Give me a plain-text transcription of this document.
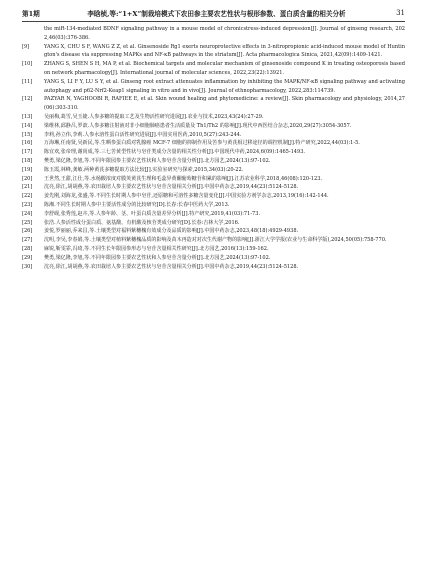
第1期	李晗桢,等:“1+X”制栽培模式下农田参主要农艺性状与根形参数、蛋白质含量的相关分析	31
the miR-134-mediated BDNF signaling pathway in a mouse model of chronicstress-induced depression[J]. Journal of ginseng research, 2022,46(03):376-386.
[9]	YANG X, CHU S F, WANG Z Z, et al. Ginsenoside Rg1 exerts neuroprotective effects in 3-nitropropionic acid-induced mouse model of Huntington's disease via suppressing MAPKs and NF-κB pathways in the striatum[J]. Acta pharmacologica Sinica, 2021,42(09):1409-1421.
[10]	ZHANG S, SHEN S H, MA P, et al. Biochemical targets and molecular mechanism of ginsenoside compound K in treating osteoporosis based on network pharmacology[J]. International journal of molecular sciences, 2022,23(22):13921.
[11]	YANG S, LI F Y, LU S Y, et al. Ginseng root extract attenuates inflammation by inhibiting the MAPK/NF-κB signaling pathway and activating autophagy and p62-Nrf2-Keap1 signaling in vitro and in vivo[J]. Journal of ethnopharmacology, 2022,283:114739.
[12]	PAZYAR N, YAGHOOBI R, RAFIEE E, et al. Skin wound healing and phytomedicine: a review[J]. Skin pharmacology and physiology, 2014,27(06):303-310.
[13]	吴丽梅,葛雪,吴玉婕.人参多糖的提取工艺及生物活性研究进展[J].农业与技术,2023,43(24):27-29.
[14]	梁维林,邱静吕,罗歆.人参多糖注射液对非小细胞肺癌患者生活质量及 Th1/Th2 的影响[J].现代中西医结合杂志,2020,29(27):3054-3057.
[15]	李莉,孙立伟,李莉.人参水溶性蛋白活性研究进展[J].中国实用医药,2010,5(27):243-244.
[16]	万海琳,任南贤,吴新民,等.生晒参蛋白质对乳腺癌 MCF-7 细胞的抑制作用及苦参与黄芪相过移途径的调控机制[J].特产研究,2022,44(03):1-5.
[17]	陈宜欢,张帝理,谢尚成,等.三七苦黄型性状与皂苷类成分含量的相关性分析[J].中国现代中药,2024,6(09):1465-1493.
[18]	樊勇,梁亿隆,李旭,等.不同年限园参主要农艺性状和人参皂苷含量分析[J].北方园艺,2024(13):97-102.
[19]	陈玉霞,林峰,龚敏.两种黄芪多糖提取方法比较[J].实验室研究与探索,2015,34(03):20-22.
[20]	王世然,王甜,江仕,等.水杨酸浓度对膜荚黄芪生理和毛蕊异黄酮葡萄糖苷积累的影响[J].江苏农业科学,2018,46(08):120-123.
[21]	沈亮,徐江,胡胡燕,等.农田栽培人参主要农艺性状与皂苷含量相关分析[J].中国中药杂志,2019,44(23):5124-5128.
[22]	姜先刚,刘海龙,张盛,等.不同生长时期人参中皂苷,还原糖和可溶性多糖含量变化[J].中国实验方剂学杂志,2013,19(16):142-144.
[23]	陈湘.不同生长时期人参中主要活性成分的比较研究[D].长春:长春中医药大学,2013.
[24]	李舒砚,张秀莲,赵卉,等.人参年龄、茎、叶蛋白质含量差异分析[J].特产研究,2019,41(03):71-73.
[25]	张浩.人参活性成分蛋白质、氨基酸、有机酸及核苷类成分研究[D].长春:吉林大学,2016.
[26]	姜悦,罗丽丽,乔来昌,等.土壤类型对福料紫穗槐有效成分及品质的影响[J].中国中药杂志,2023,48(18):4929-4938.
[27]	沈明,李吴,李春娟,等.土壤类型对植料紫穗槐品质的影响及苗木再造对对次生代谢产物的影响[J].浙江大学学报(农业与生命科学版),2024,50(05):758-770.
[28]	麻锐,靳雯霏,冯琦,等.不同生长年限园参形态与皂苷含量相关性研究[J].北方园艺,2016(13):159-162.
[29]	樊勇,梁亿隆,李旭,等.不同年限园参主要农艺性状和人参皂苷含量分析[J].北方园艺,2024(13):97-102.
[30]	沈亮,徐江,胡胡燕,等.农田栽培人参主要农艺性状与皂苷含量相关分析[J].中国中药杂志,2019,44(23):5124-5128.
